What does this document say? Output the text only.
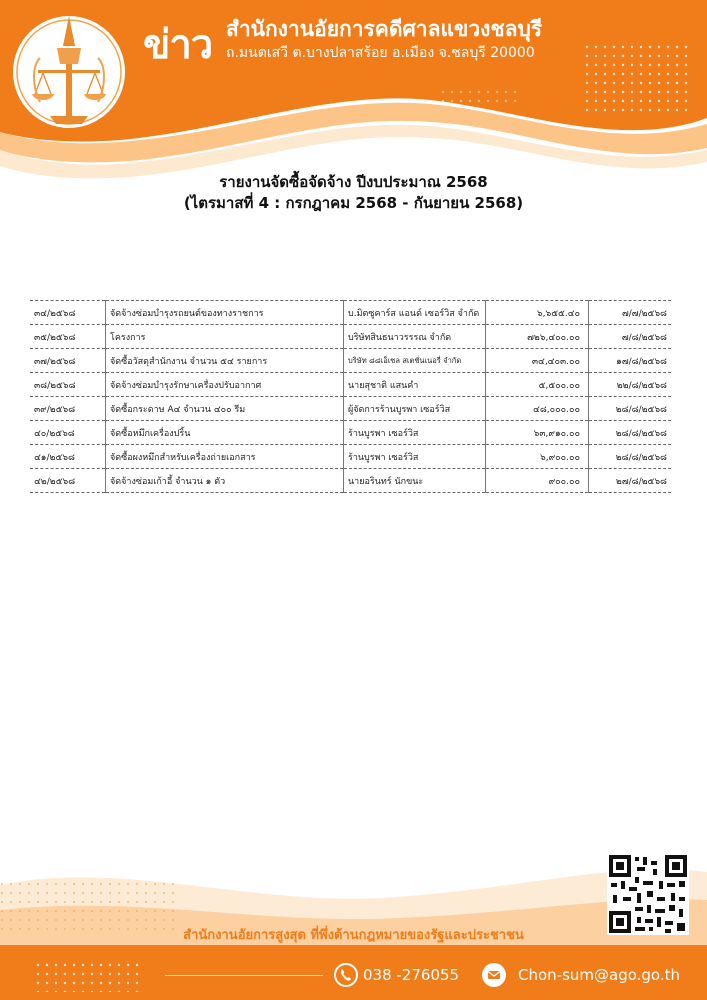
ข่าว สำนักงานอัยการคดีศาลแขวงชลบุรี
ถ.มนตเสวี ต.บางปลาสร้อย อ.เมือง จ.ชลบุรี 20000
รายงานจัดซื้อจัดจ้าง ปีงบประมาณ 2568
(ไตรมาสที่ 4 : กรกฎาคม 2568 - กันยายน 2568)
๓๔/๒๕๖๘	จัดจ้างซ่อมบำรุงรถยนต์ของทางราชการ	บ.มิตซูคาร์ส แอนด์ เซอร์วิส จำกัด	๖,๖๕๕.๔๐	๗/๗/๒๕๖๘
๓๕/๒๕๖๘	โครงการ	บริษัทสินธนาวรรรณ จำกัด	๗๒๖,๔๐๐.๐๐	๗/๘/๒๕๖๘
๓๗/๒๕๖๘	จัดซื้อวัสดุสำนักงาน จำนวน ๕๔ รายการ	บริษัท ๘๘เอ็เซล สเตชั่นเนอรี่ จำกัด	๓๔,๔๐๓.๐๐	๑๗/๘/๒๕๖๘
๓๘/๒๕๖๘	จัดจ้างซ่อมบำรุงรักษาเครื่องปรับอากาศ	นายสุชาติ แสนคำ	๕,๕๐๐.๐๐	๒๒/๘/๒๕๖๘
๓๙/๒๕๖๘	จัดซื้อกระดาษ A๔ จำนวน ๔๐๐ รีม	ผู้จัดการร้านบูรพา เซอร์วิส	๔๘,๐๐๐.๐๐	๒๘/๘/๒๕๖๘
๔๐/๒๕๖๘	จัดซื้อหมึกเครื่องปริ้น	ร้านบูรพา เซอร์วิส	๖๓,๙๑๐.๐๐	๒๘/๘/๒๕๖๘
๔๑/๒๕๖๘	จัดซื้อผงหมึกสำหรับเครื่องถ่ายเอกสาร	ร้านบูรพา เซอร์วิส	๖,๙๐๐.๐๐	๒๘/๘/๒๕๖๘
๔๒/๒๕๖๘	จัดจ้างซ่อมเก้าอี้ จำนวน ๑ ตัว	นายอรินทร์ นักขนะ	๙๐๐.๐๐	๒๗/๘/๒๕๖๘
สำนักงานอัยการสูงสุด ที่พึ่งด้านกฎหมายของรัฐและประชาชน
038 -276055	Chon-sum@ago.go.th
